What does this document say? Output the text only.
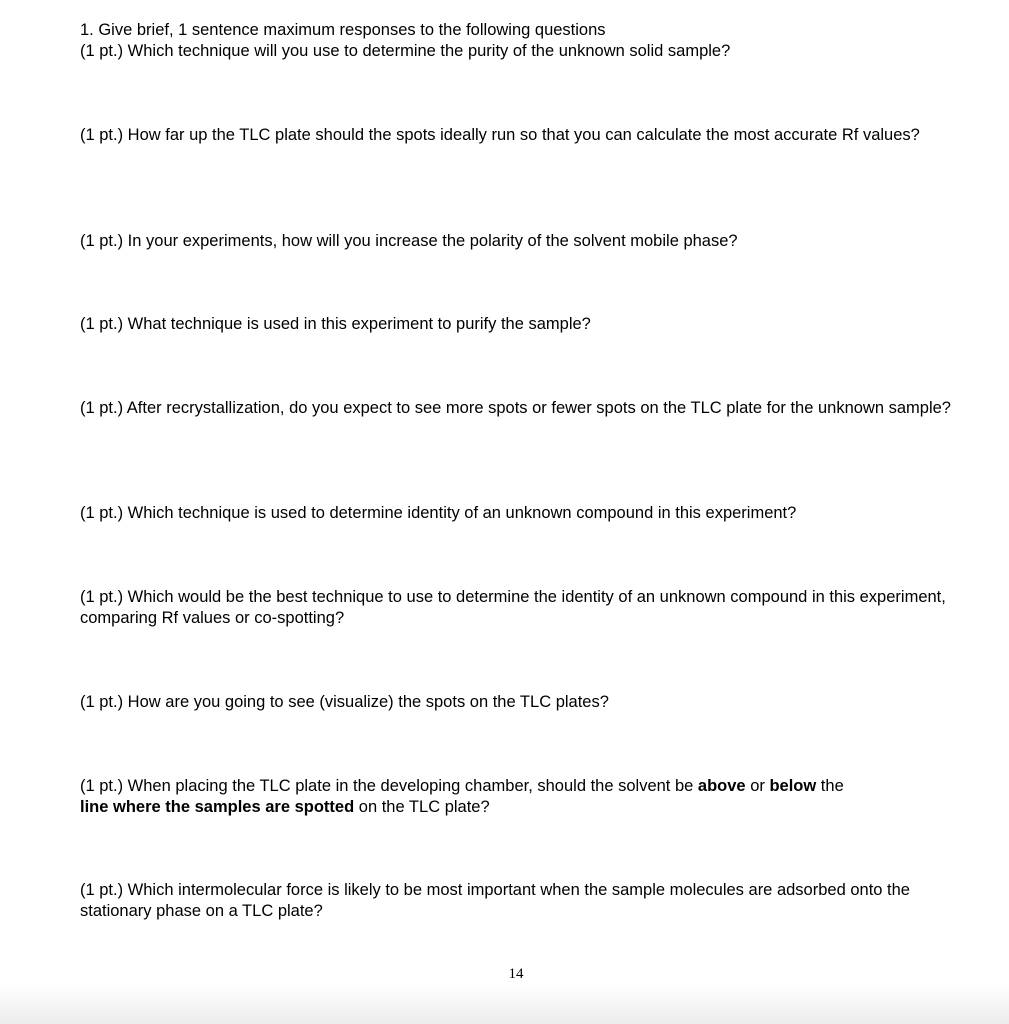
1. Give brief, 1 sentence maximum responses to the following questions
(1 pt.) Which technique will you use to determine the purity of the unknown solid sample?
(1 pt.) How far up the TLC plate should the spots ideally run so that you can calculate the most accurate Rf values?
(1 pt.) In your experiments, how will you increase the polarity of the solvent mobile phase?
(1 pt.) What technique is used in this experiment to purify the sample?
(1 pt.) After recrystallization, do you expect to see more spots or fewer spots on the TLC plate for the unknown sample?
(1 pt.) Which technique is used to determine identity of an unknown compound in this experiment?
(1 pt.) Which would be the best technique to use to determine the identity of an unknown compound in this experiment, comparing Rf values or co-spotting?
(1 pt.) How are you going to see (visualize) the spots on the TLC plates?
(1 pt.) When placing the TLC plate in the developing chamber, should the solvent be above or below the
line where the samples are spotted on the TLC plate?
(1 pt.) Which intermolecular force is likely to be most important when the sample molecules are adsorbed onto the stationary phase on a TLC plate?
14
